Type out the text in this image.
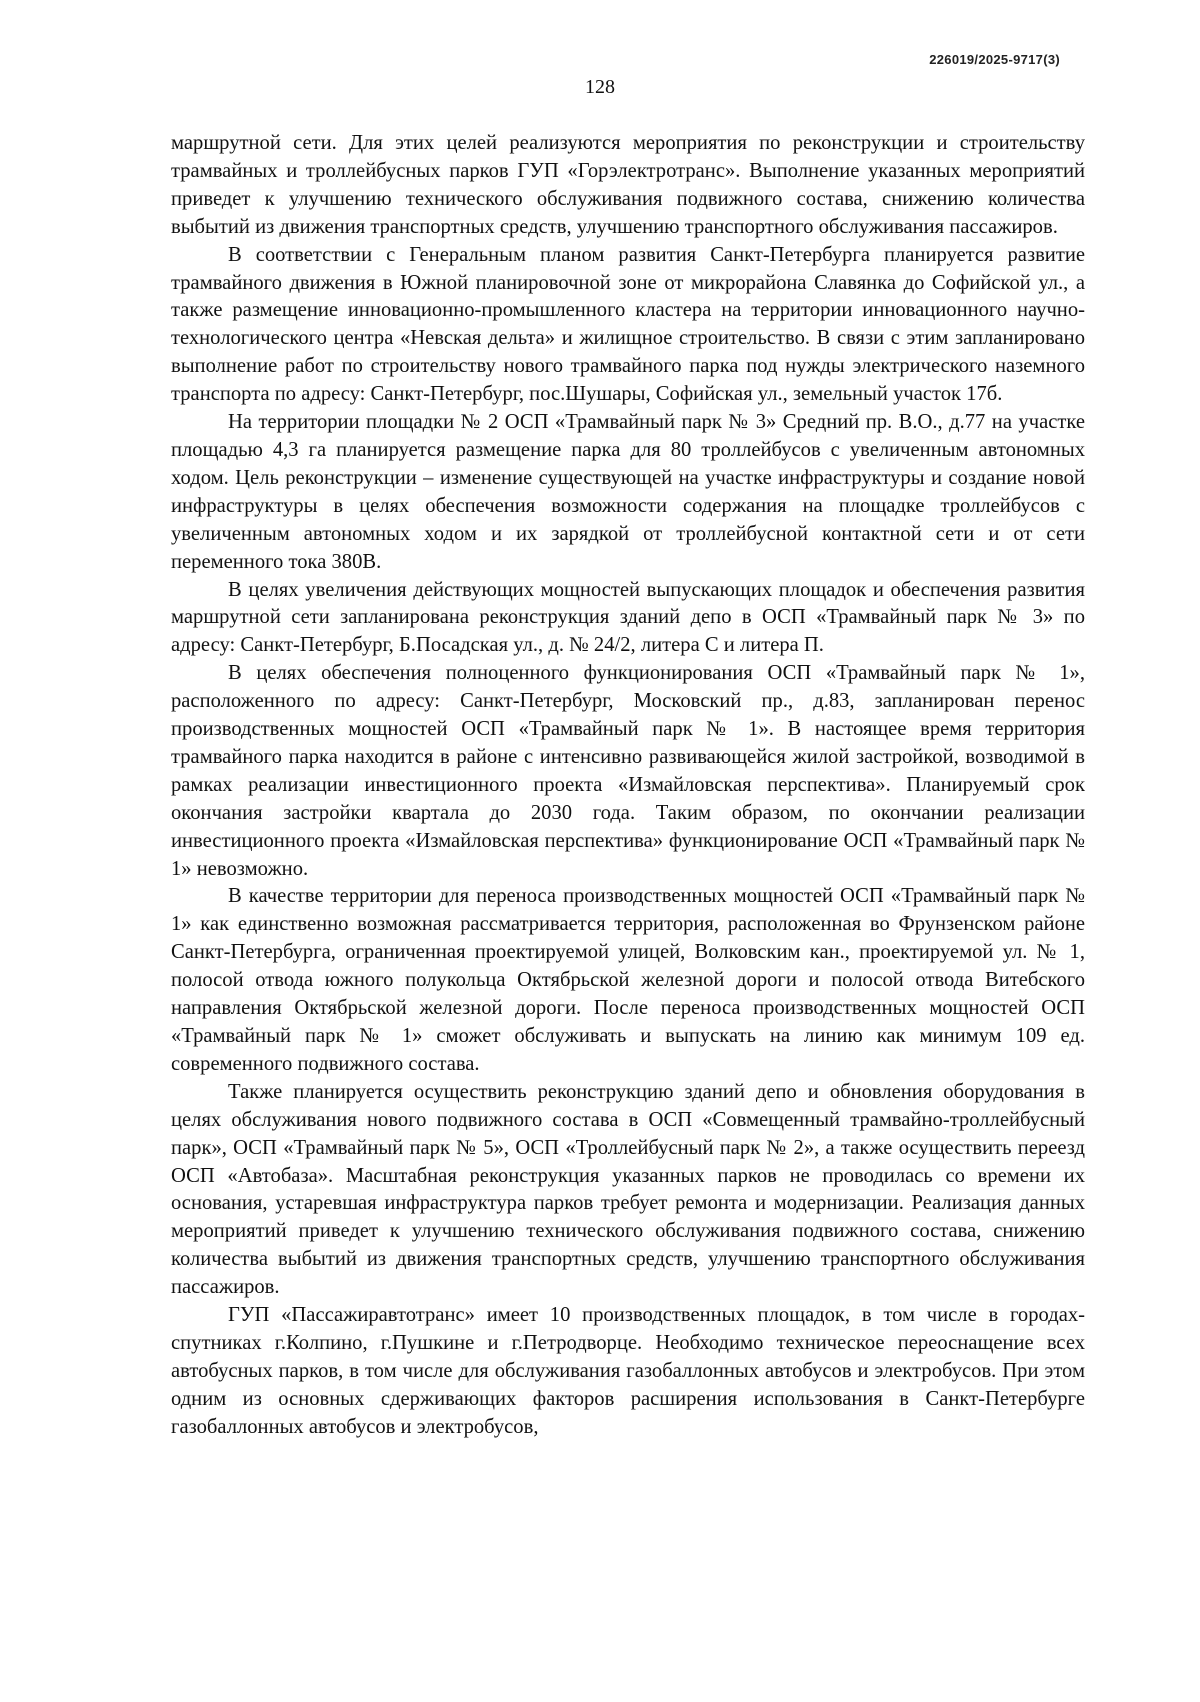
226019/2025-9717(3)
128

маршрутной сети. Для этих целей реализуются мероприятия по реконструкции и строительству трамвайных и троллейбусных парков ГУП «Горэлектротранс». Выполнение указанных мероприятий приведет к улучшению технического обслуживания подвижного состава, снижению количества выбытий из движения транспортных средств, улучшению транспортного обслуживания пассажиров.

В соответствии с Генеральным планом развития Санкт-Петербурга планируется развитие трамвайного движения в Южной планировочной зоне от микрорайона Славянка до Софийской ул., а также размещение инновационно-промышленного кластера на территории инновационного научно-технологического центра «Невская дельта» и жилищное строительство. В связи с этим запланировано выполнение работ по строительству нового трамвайного парка под нужды электрического наземного транспорта по адресу: Санкт-Петербург, пос.Шушары, Софийская ул., земельный участок 17б.

На территории площадки № 2 ОСП «Трамвайный парк № 3» Средний пр. В.О., д.77 на участке площадью 4,3 га планируется размещение парка для 80 троллейбусов с увеличенным автономных ходом. Цель реконструкции – изменение существующей на участке инфраструктуры и создание новой инфраструктуры в целях обеспечения возможности содержания на площадке троллейбусов с увеличенным автономных ходом и их зарядкой от троллейбусной контактной сети и от сети переменного тока 380В.

В целях увеличения действующих мощностей выпускающих площадок и обеспечения развития маршрутной сети запланирована реконструкция зданий депо в ОСП «Трамвайный парк № 3» по адресу: Санкт-Петербург, Б.Посадская ул., д. № 24/2, литера С и литера П.

В целях обеспечения полноценного функционирования ОСП «Трамвайный парк № 1», расположенного по адресу: Санкт-Петербург, Московский пр., д.83, запланирован перенос производственных мощностей ОСП «Трамвайный парк № 1». В настоящее время территория трамвайного парка находится в районе с интенсивно развивающейся жилой застройкой, возводимой в рамках реализации инвестиционного проекта «Измайловская перспектива». Планируемый срок окончания застройки квартала до 2030 года. Таким образом, по окончании реализации инвестиционного проекта «Измайловская перспектива» функционирование ОСП «Трамвайный парк № 1» невозможно.

В качестве территории для переноса производственных мощностей ОСП «Трамвайный парк № 1» как единственно возможная рассматривается территория, расположенная во Фрунзенском районе Санкт-Петербурга, ограниченная проектируемой улицей, Волковским кан., проектируемой ул. № 1, полосой отвода южного полукольца Октябрьской железной дороги и полосой отвода Витебского направления Октябрьской железной дороги. После переноса производственных мощностей ОСП «Трамвайный парк № 1» сможет обслуживать и выпускать на линию как минимум 109 ед. современного подвижного состава.

Также планируется осуществить реконструкцию зданий депо и обновления оборудования в целях обслуживания нового подвижного состава в ОСП «Совмещенный трамвайно-троллейбусный парк», ОСП «Трамвайный парк № 5», ОСП «Троллейбусный парк № 2», а также осуществить переезд ОСП «Автобаза». Масштабная реконструкция указанных парков не проводилась со времени их основания, устаревшая инфраструктура парков требует ремонта и модернизации. Реализация данных мероприятий приведет к улучшению технического обслуживания подвижного состава, снижению количества выбытий из движения транспортных средств, улучшению транспортного обслуживания пассажиров.

ГУП «Пассажиравтотранс» имеет 10 производственных площадок, в том числе в городах-спутниках г.Колпино, г.Пушкине и г.Петродворце. Необходимо техническое переоснащение всех автобусных парков, в том числе для обслуживания газобаллонных автобусов и электробусов. При этом одним из основных сдерживающих факторов расширения использования в Санкт-Петербурге газобаллонных автобусов и электробусов,
